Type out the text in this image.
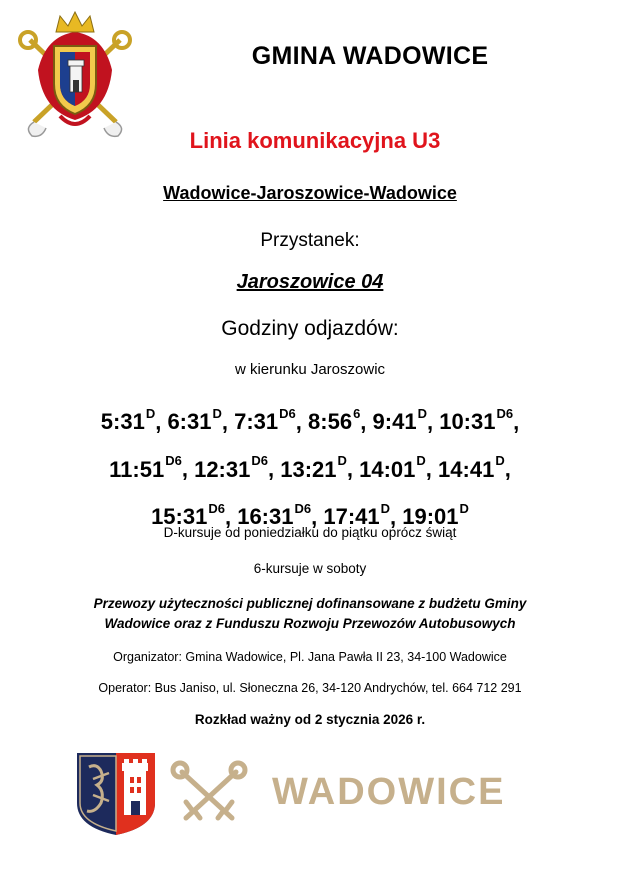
GMINA WADOWICE
Linia komunikacyjna U3
Wadowice-Jaroszowice-Wadowice
Przystanek:
Jaroszowice 04
Godziny odjazdów:
w kierunku Jaroszowic
$5:31^D$, $6:31^D$, $7:31^{D6}$, $8:56^6$, $9:41^D$, $10:31^{D6}$,
$11:51^{D6}$, $12:31^{D6}$, $13:21^D$, $14:01^D$, $14:41^D$,
$15:31^{D6}$, $16:31^{D6}$, $17:41^D$, $19:01^D$
D-kursuje od poniedziałku do piątku oprócz świąt
6-kursuje w soboty
Przewozy użyteczności publicznej dofinansowane z budżetu Gminy
Wadowice oraz z Funduszu Rozwoju Przewozów Autobusowych
Organizator: Gmina Wadowice, Pl. Jana Pawła II 23, 34-100 Wadowice
Operator: Bus Janiso, ul. Słoneczna 26, 34-120 Andrychów, tel. 664 712 291
Rozkład ważny od 2 stycznia 2026 r.
WADOWICE
